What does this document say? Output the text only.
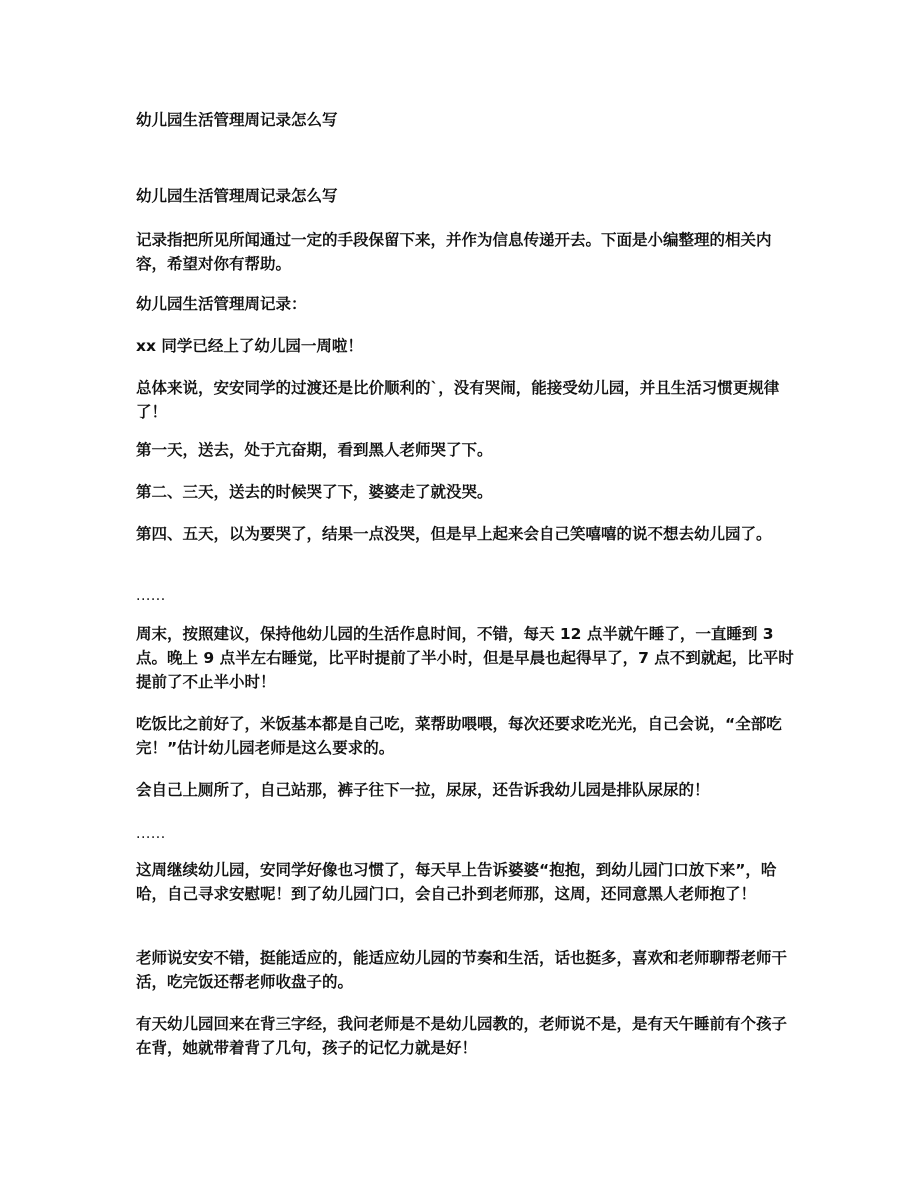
幼儿园生活管理周记录怎么写
幼儿园生活管理周记录怎么写
记录指把所见所闻通过一定的手段保留下来，并作为信息传递开去。下面是小编整理的相关内容，希望对你有帮助。
幼儿园生活管理周记录：
xx 同学已经上了幼儿园一周啦！
总体来说，安安同学的过渡还是比价顺利的`，没有哭闹，能接受幼儿园，并且生活习惯更规律了！
第一天，送去，处于亢奋期，看到黑人老师哭了下。
第二、三天，送去的时候哭了下，婆婆走了就没哭。
第四、五天，以为要哭了，结果一点没哭，但是早上起来会自己笑嘻嘻的说不想去幼儿园了。
......
周末，按照建议，保持他幼儿园的生活作息时间，不错，每天 12 点半就午睡了，一直睡到 3 点。晚上 9 点半左右睡觉，比平时提前了半小时，但是早晨也起得早了，7 点不到就起，比平时提前了不止半小时！
吃饭比之前好了，米饭基本都是自己吃，菜帮助喂喂，每次还要求吃光光，自己会说，“全部吃完！”估计幼儿园老师是这么要求的。
会自己上厕所了，自己站那，裤子往下一拉，尿尿，还告诉我幼儿园是排队尿尿的！
......
这周继续幼儿园，安同学好像也习惯了，每天早上告诉婆婆“抱抱，到幼儿园门口放下来”，哈哈，自己寻求安慰呢！到了幼儿园门口，会自己扑到老师那，这周，还同意黑人老师抱了！
老师说安安不错，挺能适应的，能适应幼儿园的节奏和生活，话也挺多，喜欢和老师聊帮老师干活，吃完饭还帮老师收盘子的。
有天幼儿园回来在背三字经，我问老师是不是幼儿园教的，老师说不是，是有天午睡前有个孩子在背，她就带着背了几句，孩子的记忆力就是好！
